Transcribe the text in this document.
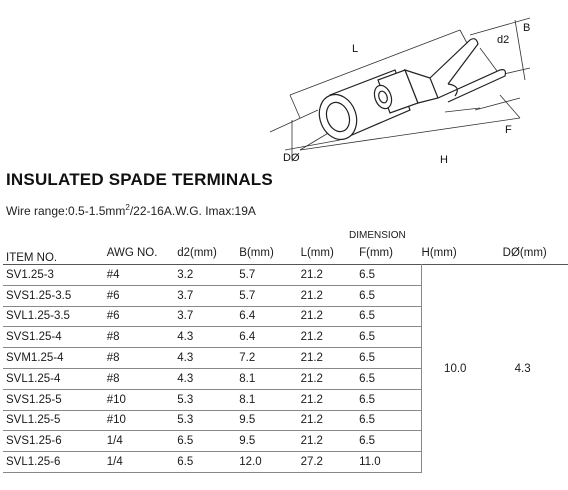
L
B
d2
F
DØ	H
INSULATED SPADE TERMINALS
Wire $range:0.5-1.5mm^2/22-16A.W.G$. Imax:19A
ITEM NO.	DIMENSION						
	AWG NO.	d2(mm)	B(mm)	L(mm)	F(mm)	H(mm)	DØ(mm)
SV1.25-3	#4	3.2	5.7	21.2	6.5	10.0	4.3
SVS1.25-3.5	#6	3.7	5.7	21.2	6.5		
SVL1.25-3.5	#6	3.7	6.4	21.2	6.5		
SVS1.25-4	#8	4.3	6.4	21.2	6.5		
SVM1.25-4	#8	4.3	7.2	21.2	6.5		
SVL1.25-4	#8	4.3	8.1	21.2	6.5		
SVS1.25-5	#10	5.3	8.1	21.2	6.5		
SVL1.25-5	#10	5.3	9.5	21.2	6.5		
SVS1.25-6	1/4	6.5	9.5	21.2	6.5		
SVL1.25-6	1/4	6.5	12.0	27.2	11.0		
